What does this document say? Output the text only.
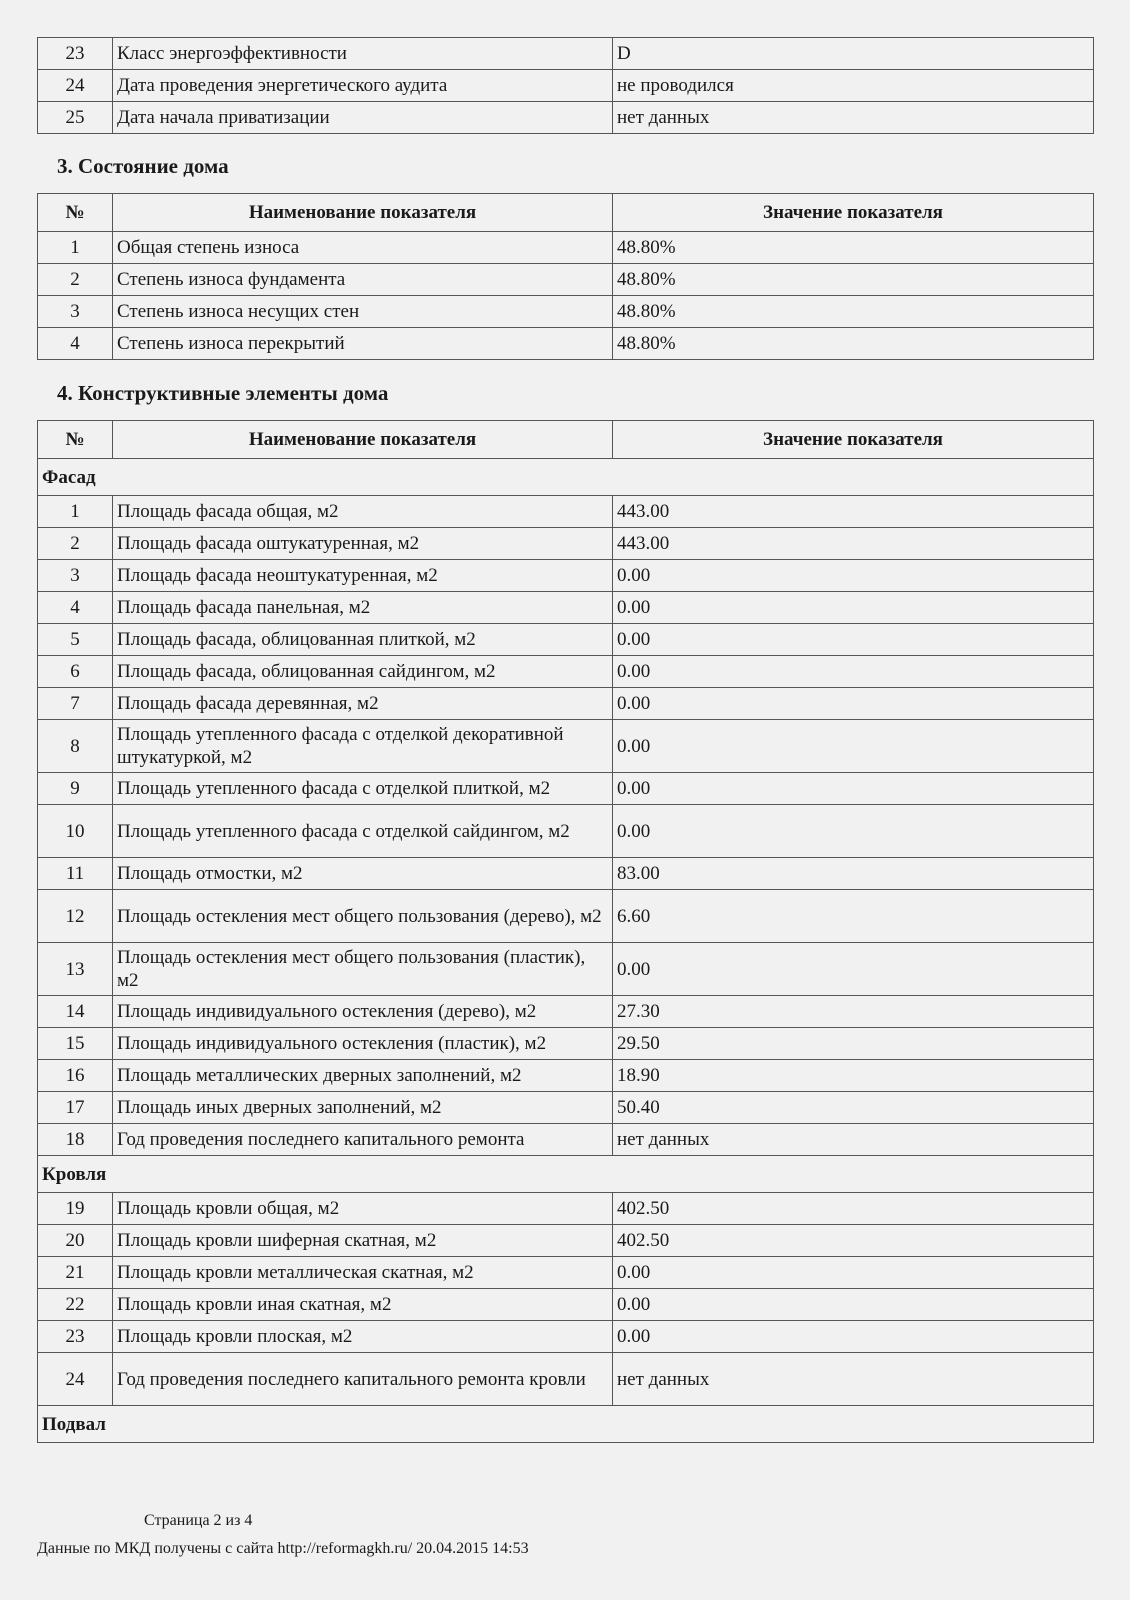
23	Класс энергоэффективности	D
24	Дата проведения энергетического аудита	не проводился
25	Дата начала приватизации	нет данных
3. Состояние дома
№	Наименование показателя	Значение показателя
1	Общая степень износа	48.80%
2	Степень износа фундамента	48.80%
3	Степень износа несущих стен	48.80%
4	Степень износа перекрытий	48.80%
4. Конструктивные элементы дома
№	Наименование показателя	Значение показателя
Фасад		
1	Площадь фасада общая, м2	443.00
2	Площадь фасада оштукатуренная, м2	443.00
3	Площадь фасада неоштукатуренная, м2	0.00
4	Площадь фасада панельная, м2	0.00
5	Площадь фасада, облицованная плиткой, м2	0.00
6	Площадь фасада, облицованная сайдингом, м2	0.00
7	Площадь фасада деревянная, м2	0.00
8	Площадь утепленного фасада с отделкой декоративной штукатуркой, м2	0.00
9	Площадь утепленного фасада с отделкой плиткой, м2	0.00
10	Площадь утепленного фасада с отделкой сайдингом, м2	0.00
11	Площадь отмостки, м2	83.00
12	Площадь остекления мест общего пользования (дерево), м2	6.60
13	Площадь остекления мест общего пользования (пластик), м2	0.00
14	Площадь индивидуального остекления (дерево), м2	27.30
15	Площадь индивидуального остекления (пластик), м2	29.50
16	Площадь металлических дверных заполнений, м2	18.90
17	Площадь иных дверных заполнений, м2	50.40
18	Год проведения последнего капитального ремонта	нет данных
Кровля		
19	Площадь кровли общая, м2	402.50
20	Площадь кровли шиферная скатная, м2	402.50
21	Площадь кровли металлическая скатная, м2	0.00
22	Площадь кровли иная скатная, м2	0.00
23	Площадь кровли плоская, м2	0.00
24	Год проведения последнего капитального ремонта кровли	нет данных
Подвал		
Страница 2 из 4
Данные по МКД получены с сайта http://reformagkh.ru/ 20.04.2015 14:53
